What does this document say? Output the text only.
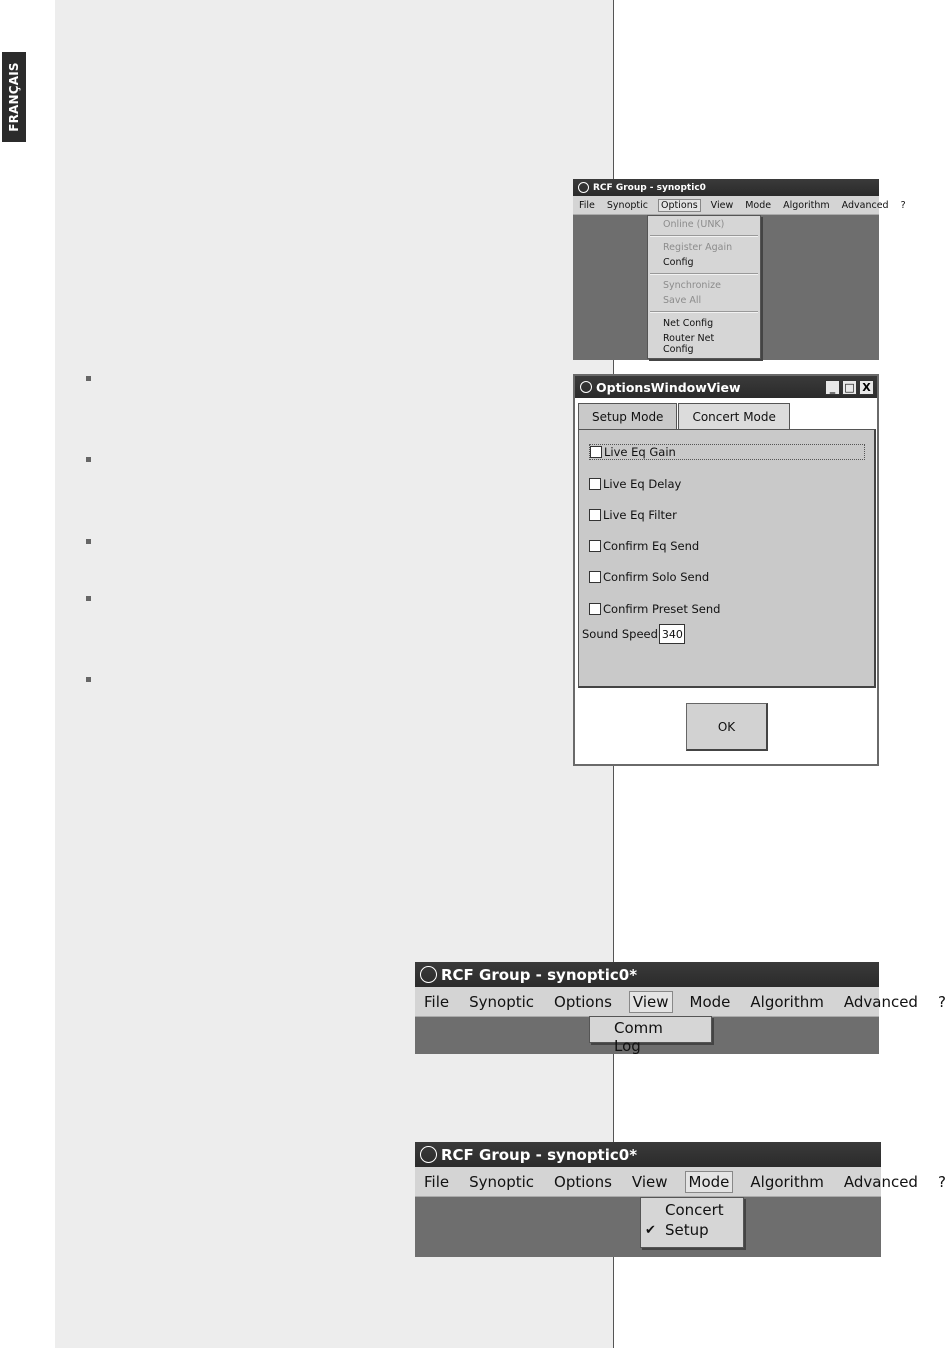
FRANÇAIS
RCF Group - synoptic0
File Synoptic	Options	View Mode Algorithm Advanced ?
Online (UNK)
Register Again
Config
Synchronize
Save All
Net Config
Router Net Config
OptionsWindowView	_ □ X
Setup Mode	Concert Mode
Live Eq Gain
Live Eq Delay
Live Eq Filter
Confirm Eq Send
Confirm Solo Send
Confirm Preset Send
Sound Speed 340
OK
RCF Group - synoptic0*
File Synoptic Options View Mode Algorithm Advanced ?
Comm Log
RCF Group - synoptic0*
File Synoptic Options View Mode Algorithm Advanced ?
Concert
✔ Setup
